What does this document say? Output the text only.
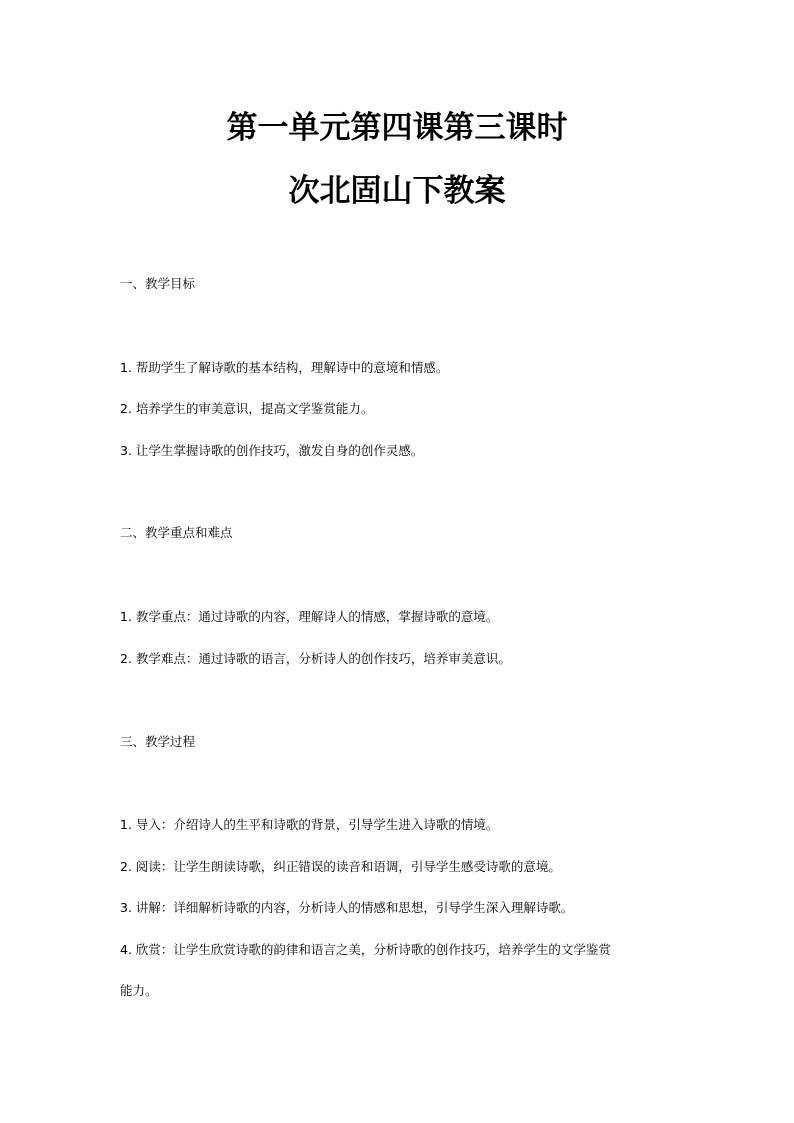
第一单元第四课第三课时
次北固山下教案
一、教学目标
1. 帮助学生了解诗歌的基本结构，理解诗中的意境和情感。
2. 培养学生的审美意识，提高文学鉴赏能力。
3. 让学生掌握诗歌的创作技巧，激发自身的创作灵感。
二、教学重点和难点
1. 教学重点：通过诗歌的内容，理解诗人的情感，掌握诗歌的意境。
2. 教学难点：通过诗歌的语言，分析诗人的创作技巧，培养审美意识。
三、教学过程
1. 导入：介绍诗人的生平和诗歌的背景，引导学生进入诗歌的情境。
2. 阅读：让学生朗读诗歌，纠正错误的读音和语调，引导学生感受诗歌的意境。
3. 讲解：详细解析诗歌的内容，分析诗人的情感和思想，引导学生深入理解诗歌。
4. 欣赏：让学生欣赏诗歌的韵律和语言之美，分析诗歌的创作技巧，培养学生的文学鉴赏
能力。
